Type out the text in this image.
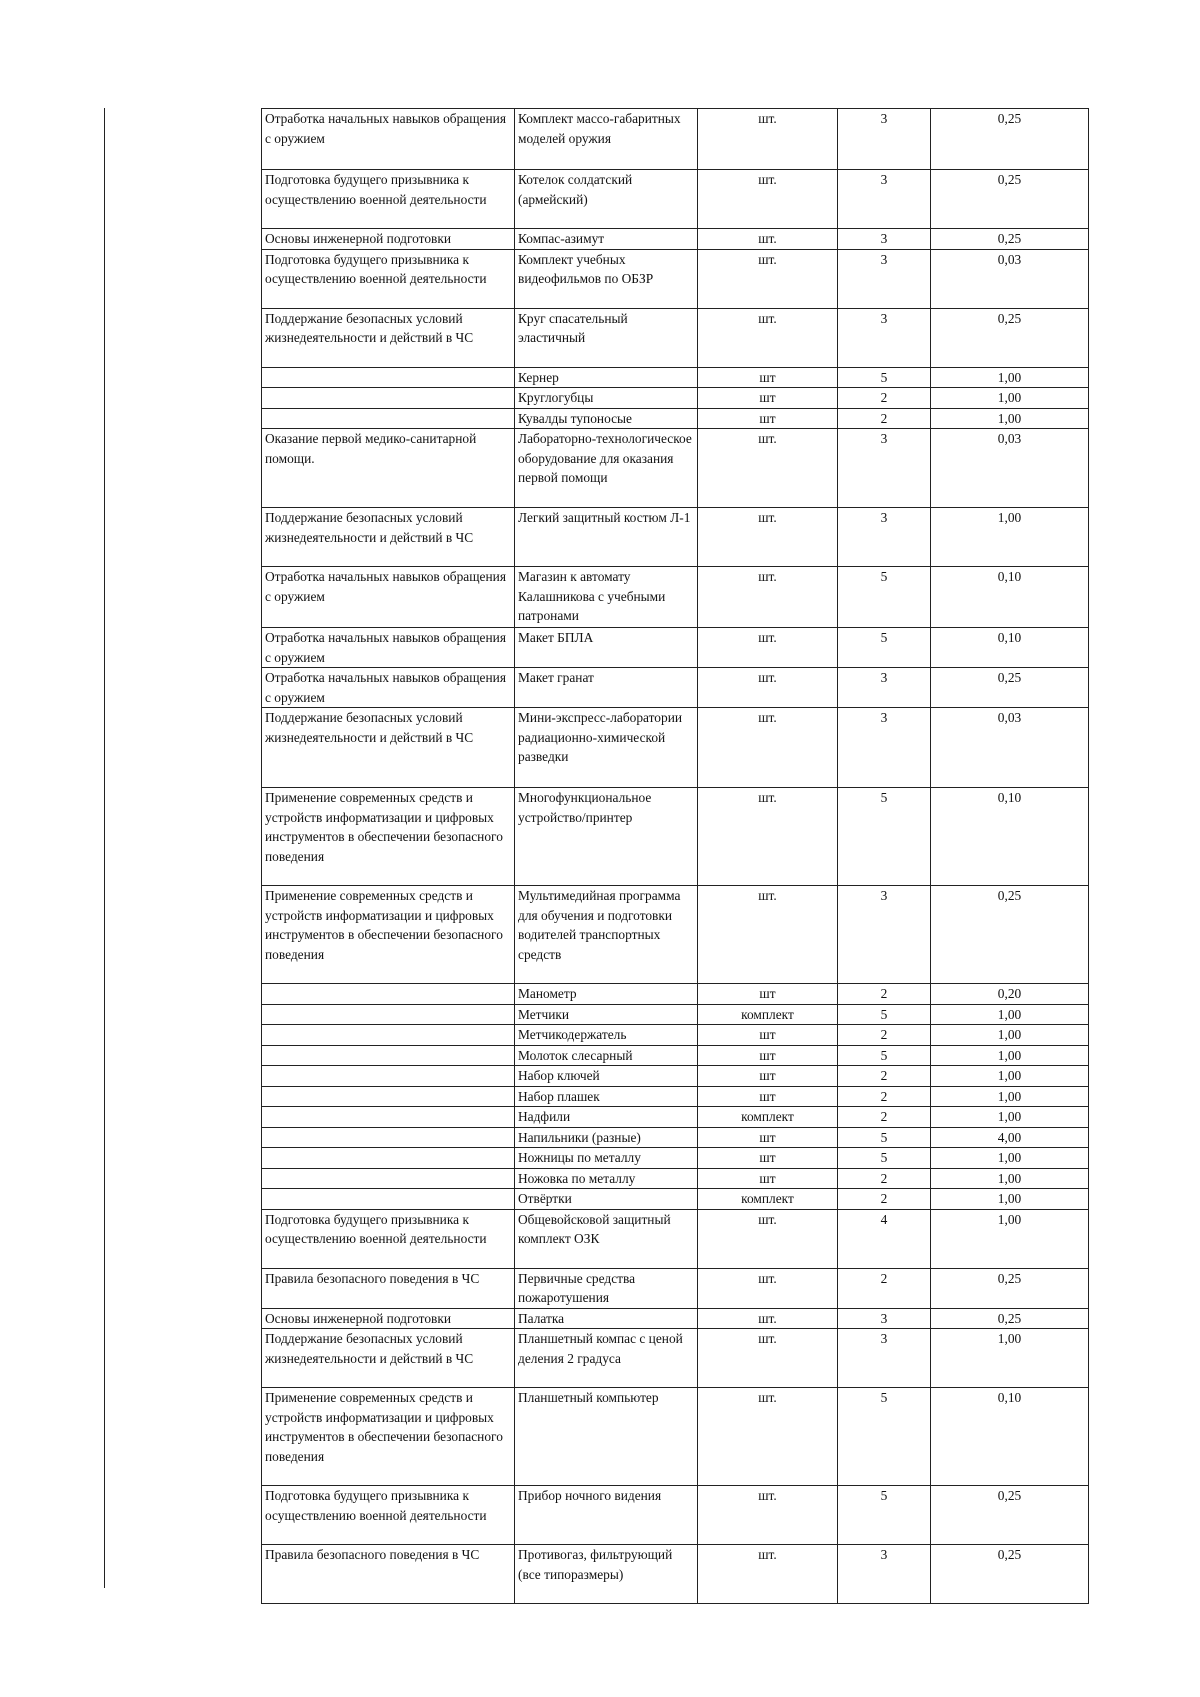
Отработка начальных навыков обращения с оружием	Комплект массо-габаритных моделей оружия	шт.	3	0,25
Подготовка будущего призывника к осуществлению военной деятельности	Котелок солдатский (армейский)	шт.	3	0,25
Основы инженерной подготовки	Компас-азимут	шт.	3	0,25
Подготовка будущего призывника к осуществлению военной деятельности	Комплект учебных видеофильмов по ОБЗР	шт.	3	0,03
Поддержание безопасных условий жизнедеятельности и действий в ЧС	Круг спасательный эластичный	шт.	3	0,25
	Кернер	шт	5	1,00
	Круглогубцы	шт	2	1,00
	Кувалды тупоносые	шт	2	1,00
Оказание первой медико-санитарной помощи.	Лабораторно-технологическое оборудование для оказания первой помощи	шт.	3	0,03
Поддержание безопасных условий жизнедеятельности и действий в ЧС	Легкий защитный костюм Л-1	шт.	3	1,00
Отработка начальных навыков обращения с оружием	Магазин к автомату Калашникова с учебными патронами	шт.	5	0,10
Отработка начальных навыков обращения с оружием	Макет БПЛА	шт.	5	0,10
Отработка начальных навыков обращения с оружием	Макет гранат	шт.	3	0,25
Поддержание безопасных условий жизнедеятельности и действий в ЧС	Мини-экспресс-лаборатории радиационно-химической разведки	шт.	3	0,03
Применение современных средств и устройств информатизации и цифровых инструментов в обеспечении безопасного поведения	Многофункциональное устройство/принтер	шт.	5	0,10
Применение современных средств и устройств информатизации и цифровых инструментов в обеспечении безопасного поведения	Мультимедийная программа для обучения и подготовки водителей транспортных средств	шт.	3	0,25
	Манометр	шт	2	0,20
	Метчики	комплект	5	1,00
	Метчикодержатель	шт	2	1,00
	Молоток слесарный	шт	5	1,00
	Набор ключей	шт	2	1,00
	Набор плашек	шт	2	1,00
	Надфили	комплект	2	1,00
	Напильники (разные)	шт	5	4,00
	Ножницы по металлу	шт	5	1,00
	Ножовка по металлу	шт	2	1,00
	Отвёртки	комплект	2	1,00
Подготовка будущего призывника к осуществлению военной деятельности	Общевойсковой защитный комплект ОЗК	шт.	4	1,00
Правила безопасного поведения в ЧС	Первичные средства пожаротушения	шт.	2	0,25
Основы инженерной подготовки	Палатка	шт.	3	0,25
Поддержание безопасных условий жизнедеятельности и действий в ЧС	Планшетный компас с ценой деления 2 градуса	шт.	3	1,00
Применение современных средств и устройств информатизации и цифровых инструментов в обеспечении безопасного поведения	Планшетный компьютер	шт.	5	0,10
Подготовка будущего призывника к осуществлению военной деятельности	Прибор ночного видения	шт.	5	0,25
Правила безопасного поведения в ЧС	Противогаз, фильтрующий (все типоразмеры)	шт.	3	0,25
